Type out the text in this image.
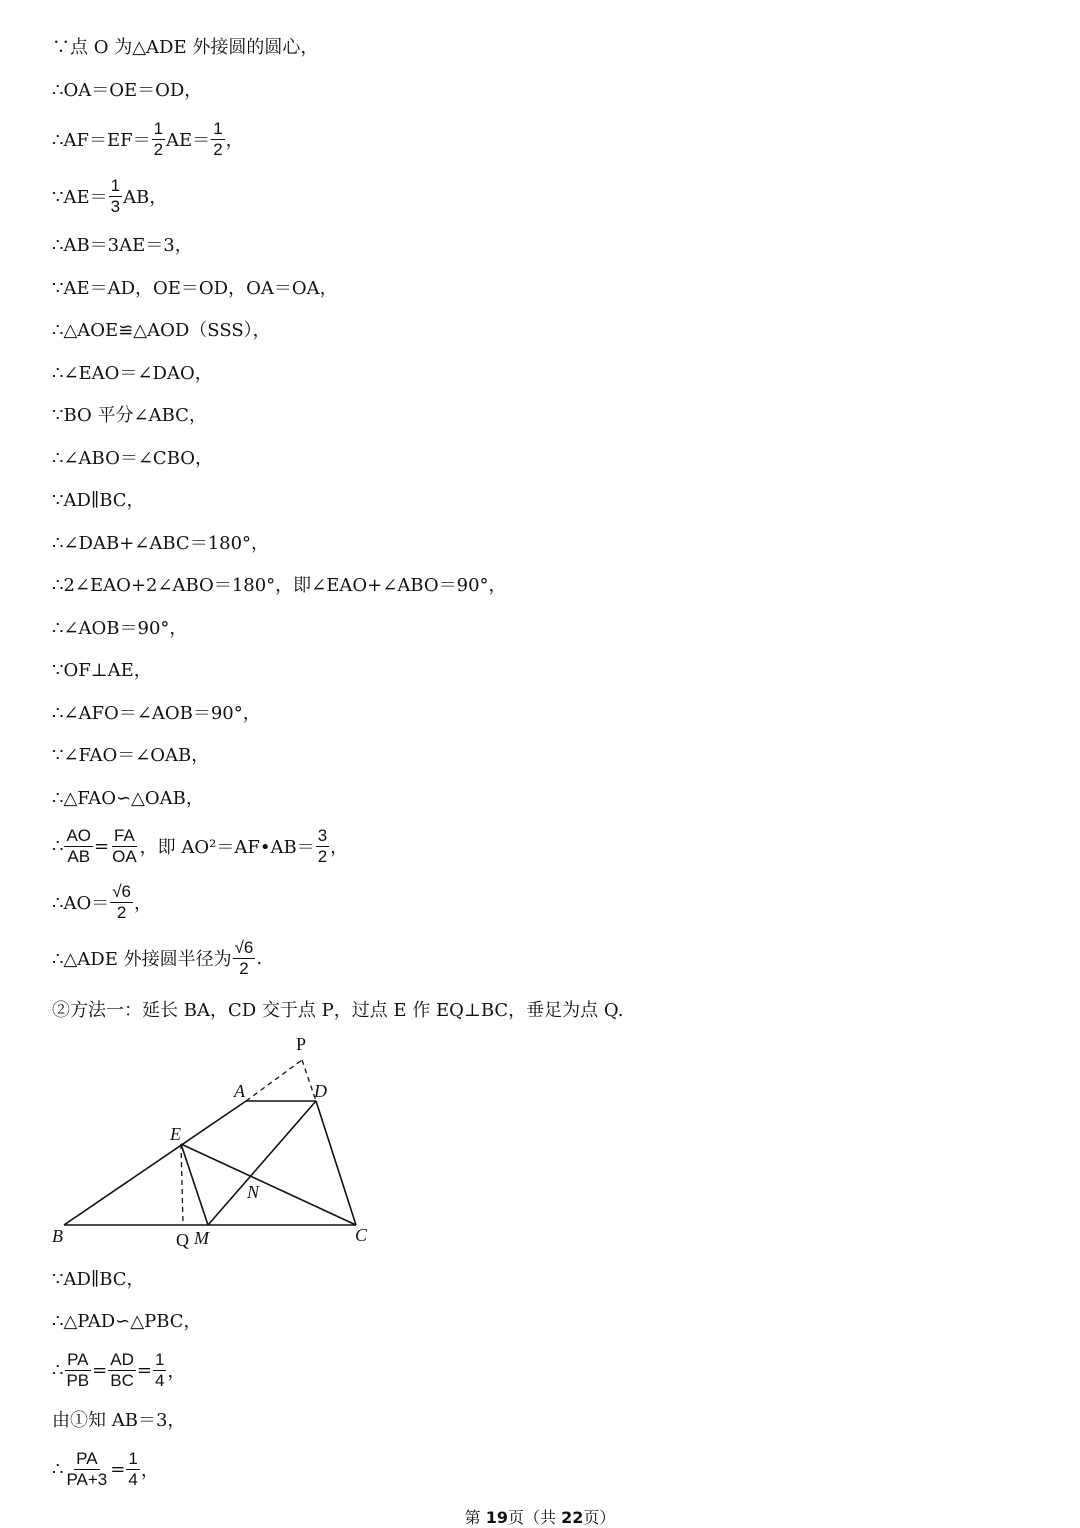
∵点 O 为△ADE 外接圆的圆心，
∴OA＝OE＝OD，
∴AF＝EF＝ $\frac{1}{2} AE= \frac{1}{2}$ ，
∵AE＝ $\frac{1}{3}$ AB，
∴AB＝3AE＝3，
∵AE＝AD，OE＝OD，OA＝OA，
∴△AOE≌△AOD（SSS），
∴∠EAO＝∠DAO，
∵BO 平分∠ABC，
∴∠ABO＝∠CBO，
∵AD∥BC，
∴∠DAB+∠ABC＝180°，
∴2∠EAO+2∠ABO＝180°，即∠EAO+∠ABO＝90°，
∴∠AOB＝90°，
∵OF⊥AE，
∴∠AFO＝∠AOB＝90°，
∵∠FAO＝∠OAB，
∴△FAO∽△OAB，
∴ $\frac{AO}{AB} = \frac{FA}{OA}$ ，即 AO²＝AF•AB＝ $\frac{3}{2}$ ，
∴AO＝ $\frac{√6}{2}$ ，
∴△ADE 外接圆半径为 $\frac{√6}{2}$ .
②方法一：延长 BA，CD 交于点 P，过点 E 作 EQ⊥BC，垂足为点 Q.
P
A	D
E
N
B	Q M	C
∵AD∥BC，
∴△PAD∽△PBC，
∴ $\frac{PA}{PB} = \frac{AD}{BC} = \frac{1}{4}$ ，
由①知 AB＝3，
∴ $\frac{PA}{PA+3} = \frac{1}{4}$ ，
第 19页（共 22页）
